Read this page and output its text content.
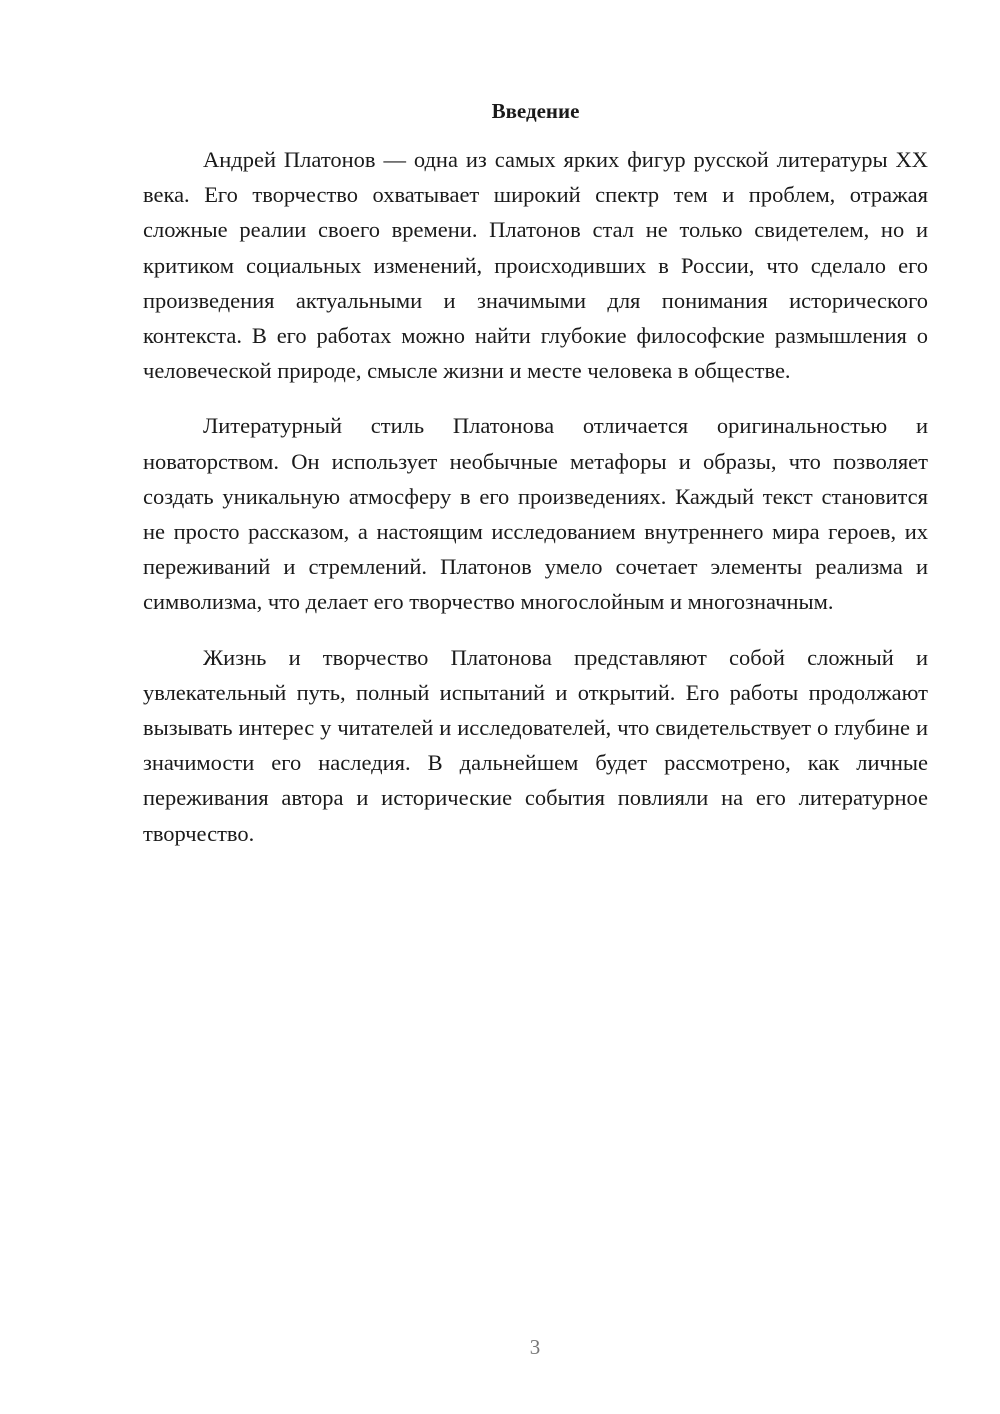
Введение

Андрей Платонов — одна из самых ярких фигур русской литературы XX века. Его творчество охватывает широкий спектр тем и проблем, отражая сложные реалии своего времени. Платонов стал не только свидетелем, но и критиком социальных изменений, происходивших в России, что сделало его произведения актуальными и значимыми для понимания исторического контекста. В его работах можно найти глубокие философские размышления о человеческой природе, смысле жизни и месте человека в обществе.

Литературный стиль Платонова отличается оригинальностью и новаторством. Он использует необычные метафоры и образы, что позволяет создать уникальную атмосферу в его произведениях. Каждый текст становится не просто рассказом, а настоящим исследованием внутреннего мира героев, их переживаний и стремлений. Платонов умело сочетает элементы реализма и символизма, что делает его творчество многослойным и многозначным.

Жизнь и творчество Платонова представляют собой сложный и увлекательный путь, полный испытаний и открытий. Его работы продолжают вызывать интерес у читателей и исследователей, что свидетельствует о глубине и значимости его наследия. В дальнейшем будет рассмотрено, как личные переживания автора и исторические события повлияли на его литературное творчество.

3
